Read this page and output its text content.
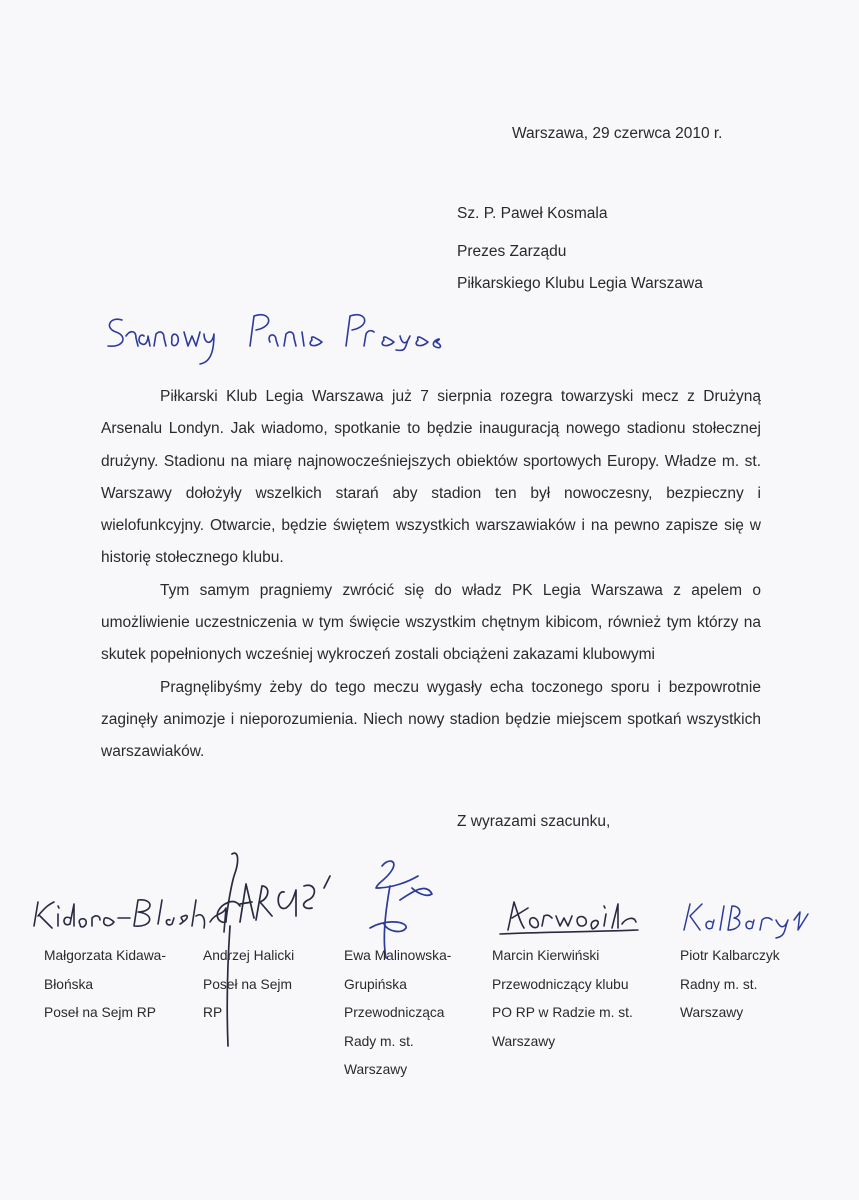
Warszawa, 29 czerwca 2010 r.
Sz. P. Paweł Kosmala
Prezes Zarządu
Piłkarskiego Klubu Legia Warszawa

Piłkarski Klub Legia Warszawa już 7 sierpnia rozegra towarzyski mecz z Drużyną Arsenalu Londyn. Jak wiadomo, spotkanie to będzie inauguracją nowego stadionu stołecznej drużyny. Stadionu na miarę najnowocześniejszych obiektów sportowych Europy. Władze m. st. Warszawy dołożyły wszelkich starań aby stadion ten był nowoczesny, bezpieczny i wielofunkcyjny. Otwarcie, będzie świętem wszystkich warszawiaków i na pewno zapisze się w historię stołecznego klubu.

Tym samym pragniemy zwrócić się do władz PK Legia Warszawa z apelem o umożliwienie uczestniczenia w tym święcie wszystkim chętnym kibicom, również tym którzy na skutek popełnionych wcześniej wykroczeń zostali obciążeni zakazami klubowymi

Pragnęlibyśmy żeby do tego meczu wygasły echa toczonego sporu i bezpowrotnie zaginęły animozje i nieporozumienia. Niech nowy stadion będzie miejscem spotkań wszystkich warszawiaków.

Z wyrazami szacunku,
Małgorzata Kidawa-
Błońska
Poseł na Sejm RP
Andrzej Halicki
Poseł na Sejm
RP
Ewa Malinowska-
Grupińska
Przewodnicząca
Rady m. st.
Warszawy
Marcin Kierwiński
Przewodniczący klubu
PO RP w Radzie m. st.
Warszawy
Piotr Kalbarczyk
Radny m. st.
Warszawy
